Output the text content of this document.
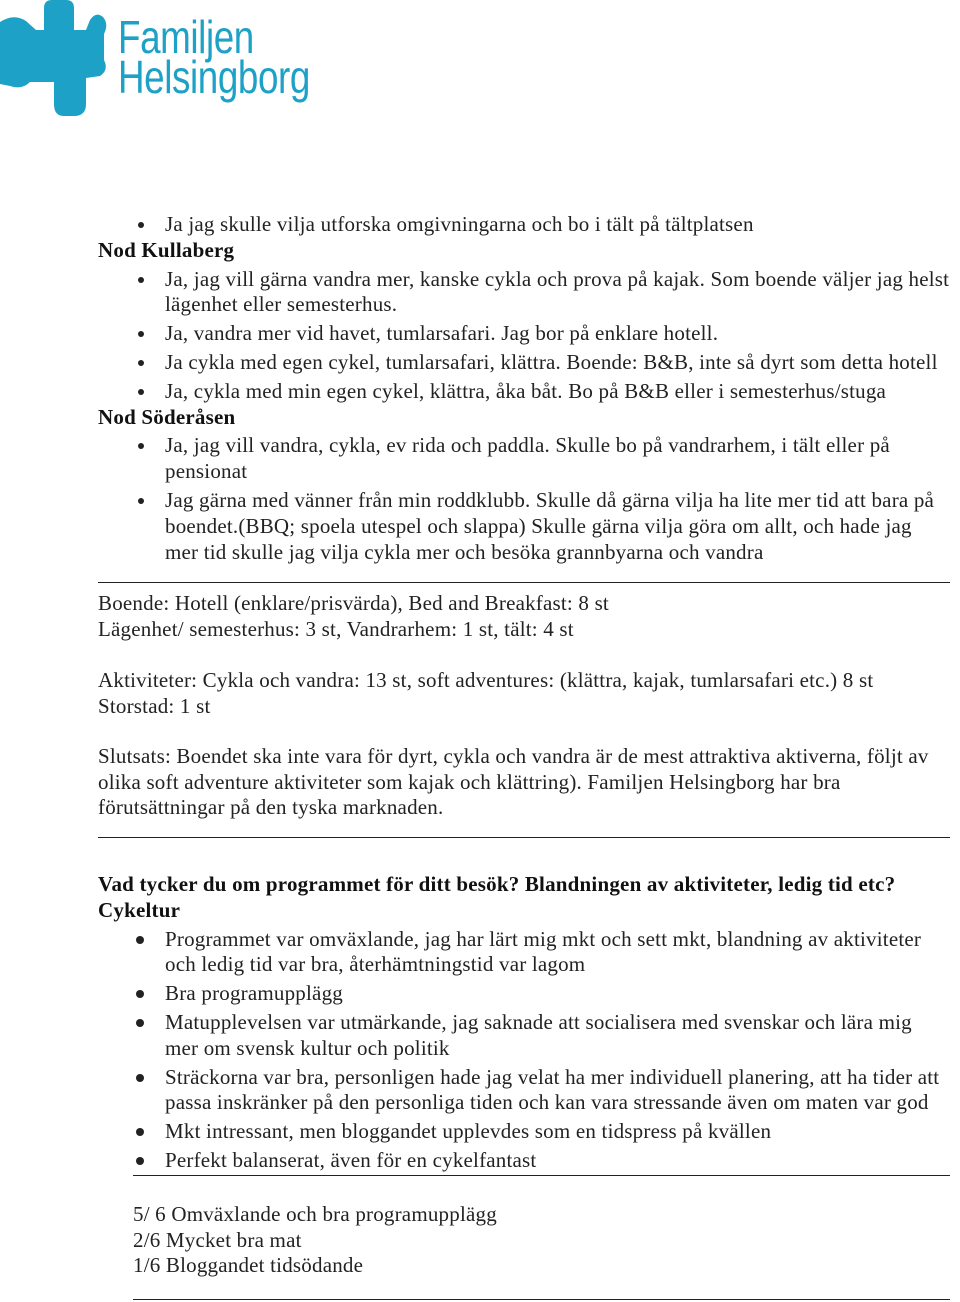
Familjen
Helsingborg
Ja jag skulle vilja utforska omgivningarna och bo i tält på tältplatsen
Nod Kullaberg
Ja, jag vill gärna vandra mer, kanske cykla och prova på kajak. Som boende väljer jag helst
lägenhet eller semesterhus.
Ja, vandra mer vid havet, tumlarsafari. Jag bor på enklare hotell.
Ja cykla med egen cykel, tumlarsafari, klättra. Boende: B&B, inte så dyrt som detta hotell
Ja, cykla med min egen cykel, klättra, åka båt. Bo på B&B eller i semesterhus/stuga
Nod Söderåsen
Ja, jag vill vandra, cykla, ev rida och paddla. Skulle bo på vandrarhem, i tält eller på
pensionat
Jag gärna med vänner från min roddklubb. Skulle då gärna vilja ha lite mer tid att bara på
boendet.(BBQ; spoela utespel och slappa) Skulle gärna vilja göra om allt, och hade jag
mer tid skulle jag vilja cykla mer och besöka grannbyarna och vandra
Boende: Hotell (enklare/prisvärda), Bed and Breakfast: 8 st
Lägenhet/ semesterhus: 3 st, Vandrarhem: 1 st, tält: 4 st
Aktiviteter: Cykla och vandra: 13 st, soft adventures: (klättra, kajak, tumlarsafari etc.) 8 st
Storstad: 1 st
Slutsats: Boendet ska inte vara för dyrt, cykla och vandra är de mest attraktiva aktiverna, följt av
olika soft adventure aktiviteter som kajak och klättring). Familjen Helsingborg har bra
förutsättningar på den tyska marknaden.
Vad tycker du om programmet för ditt besök? Blandningen av aktiviteter, ledig tid etc?
Cykeltur
Programmet var omväxlande, jag har lärt mig mkt och sett mkt, blandning av aktiviteter
och ledig tid var bra, återhämtningstid var lagom
Bra programupplägg
Matupplevelsen var utmärkande, jag saknade att socialisera med svenskar och lära mig
mer om svensk kultur och politik
Sträckorna var bra, personligen hade jag velat ha mer individuell planering, att ha tider att
passa inskränker på den personliga tiden och kan vara stressande även om maten var god
Mkt intressant, men bloggandet upplevdes som en tidspress på kvällen
Perfekt balanserat, även för en cykelfantast
5/ 6 Omväxlande och bra programupplägg
2/6 Mycket bra mat
1/6 Bloggandet tidsödande
